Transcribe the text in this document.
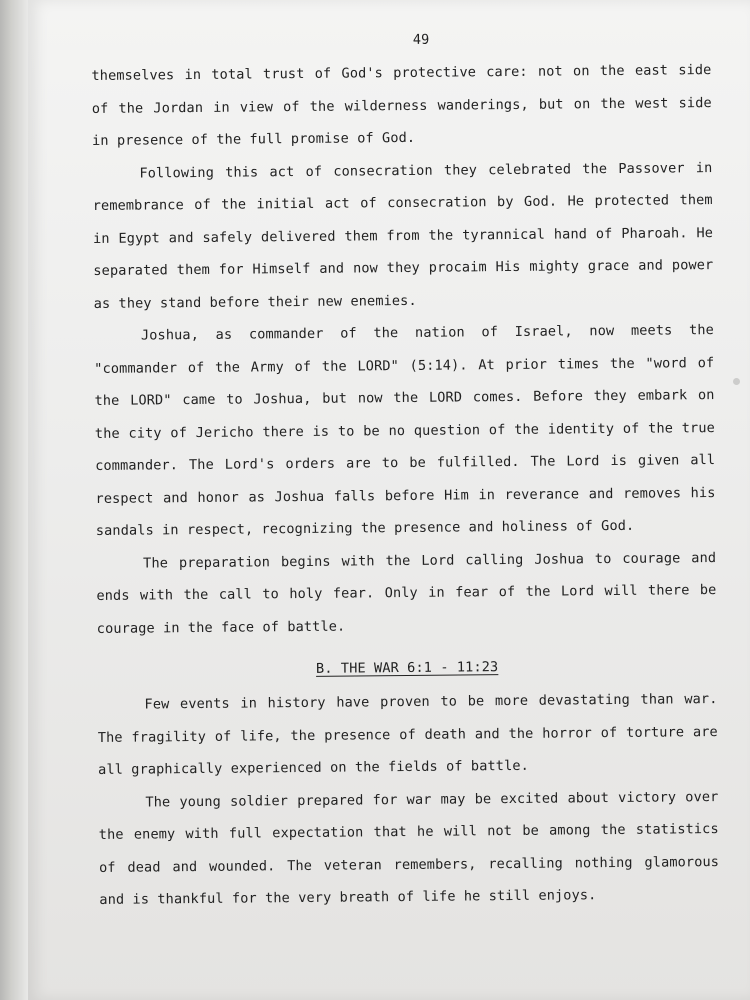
49

themselves in total trust of God's protective care: not on the east side of the Jordan in view of the wilderness wanderings, but on the west side in presence of the full promise of God.

Following this act of consecration they celebrated the Passover in remembrance of the initial act of consecration by God. He protected them in Egypt and safely delivered them from the tyrannical hand of Pharoah. He separated them for Himself and now they procaim His mighty grace and power as they stand before their new enemies.

Joshua, as commander of the nation of Israel, now meets the "commander of the Army of the LORD" (5:14). At prior times the "word of the LORD" came to Joshua, but now the LORD comes. Before they embark on the city of Jericho there is to be no question of the identity of the true commander. The Lord's orders are to be fulfilled. The Lord is given all respect and honor as Joshua falls before Him in reverance and removes his sandals in respect, recognizing the presence and holiness of God.

The preparation begins with the Lord calling Joshua to courage and ends with the call to holy fear. Only in fear of the Lord will there be courage in the face of battle.

B. THE WAR 6:1 - 11:23

Few events in history have proven to be more devastating than war. The fragility of life, the presence of death and the horror of torture are all graphically experienced on the fields of battle.

The young soldier prepared for war may be excited about victory over the enemy with full expectation that he will not be among the statistics of dead and wounded. The veteran remembers, recalling nothing glamorous and is thankful for the very breath of life he still enjoys.
